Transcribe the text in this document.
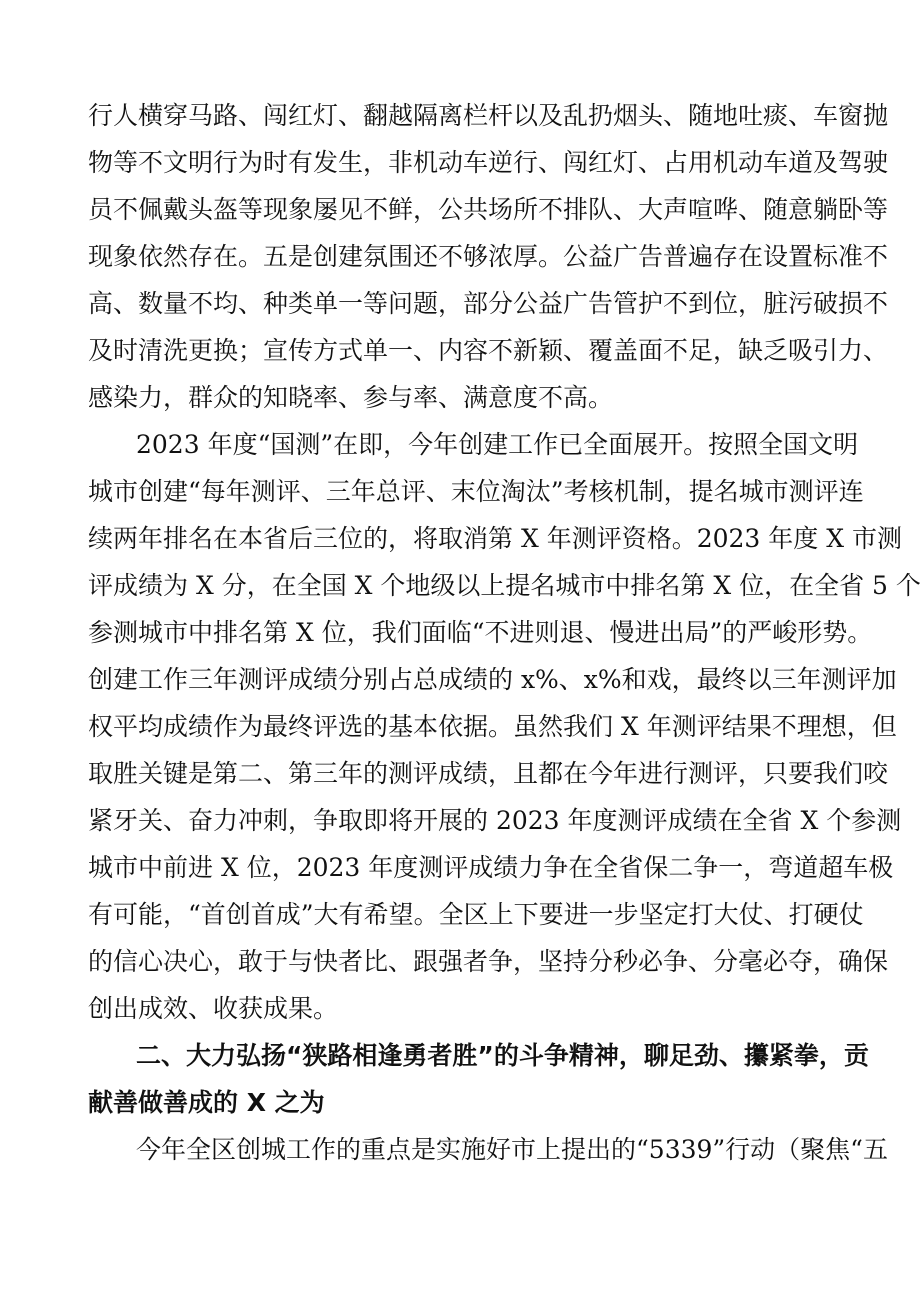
行人横穿马路、闯红灯、翻越隔离栏杆以及乱扔烟头、随地吐痰、车窗抛
物等不文明行为时有发生，非机动车逆行、闯红灯、占用机动车道及驾驶
员不佩戴头盔等现象屡见不鲜，公共场所不排队、大声喧哗、随意躺卧等
现象依然存在。五是创建氛围还不够浓厚。公益广告普遍存在设置标准不
高、数量不均、种类单一等问题，部分公益广告管护不到位，脏污破损不
及时清洗更换；宣传方式单一、内容不新颖、覆盖面不足，缺乏吸引力、
感染力，群众的知晓率、参与率、满意度不高。
2023 年度“国测”在即，今年创建工作已全面展开。按照全国文明
城市创建“每年测评、三年总评、末位淘汰”考核机制，提名城市测评连
续两年排名在本省后三位的，将取消第 X 年测评资格。2023 年度 X 市测
评成绩为 X 分，在全国 X 个地级以上提名城市中排名第 X 位，在全省 5 个
参测城市中排名第 X 位，我们面临“不进则退、慢进出局”的严峻形势。
创建工作三年测评成绩分别占总成绩的 x%、x%和戏，最终以三年测评加
权平均成绩作为最终评选的基本依据。虽然我们 X 年测评结果不理想，但
取胜关键是第二、第三年的测评成绩，且都在今年进行测评，只要我们咬
紧牙关、奋力冲刺，争取即将开展的 2023 年度测评成绩在全省 X 个参测
城市中前进 X 位，2023 年度测评成绩力争在全省保二争一，弯道超车极
有可能，“首创首成”大有希望。全区上下要进一步坚定打大仗、打硬仗
的信心决心，敢于与快者比、跟强者争，坚持分秒必争、分毫必夺，确保
创出成效、收获成果。
二、大力弘扬“狭路相逢勇者胜”的斗争精神，聊足劲、攥紧拳，贡
献善做善成的 X 之为
今年全区创城工作的重点是实施好市上提出的“5339”行动（聚焦“五
